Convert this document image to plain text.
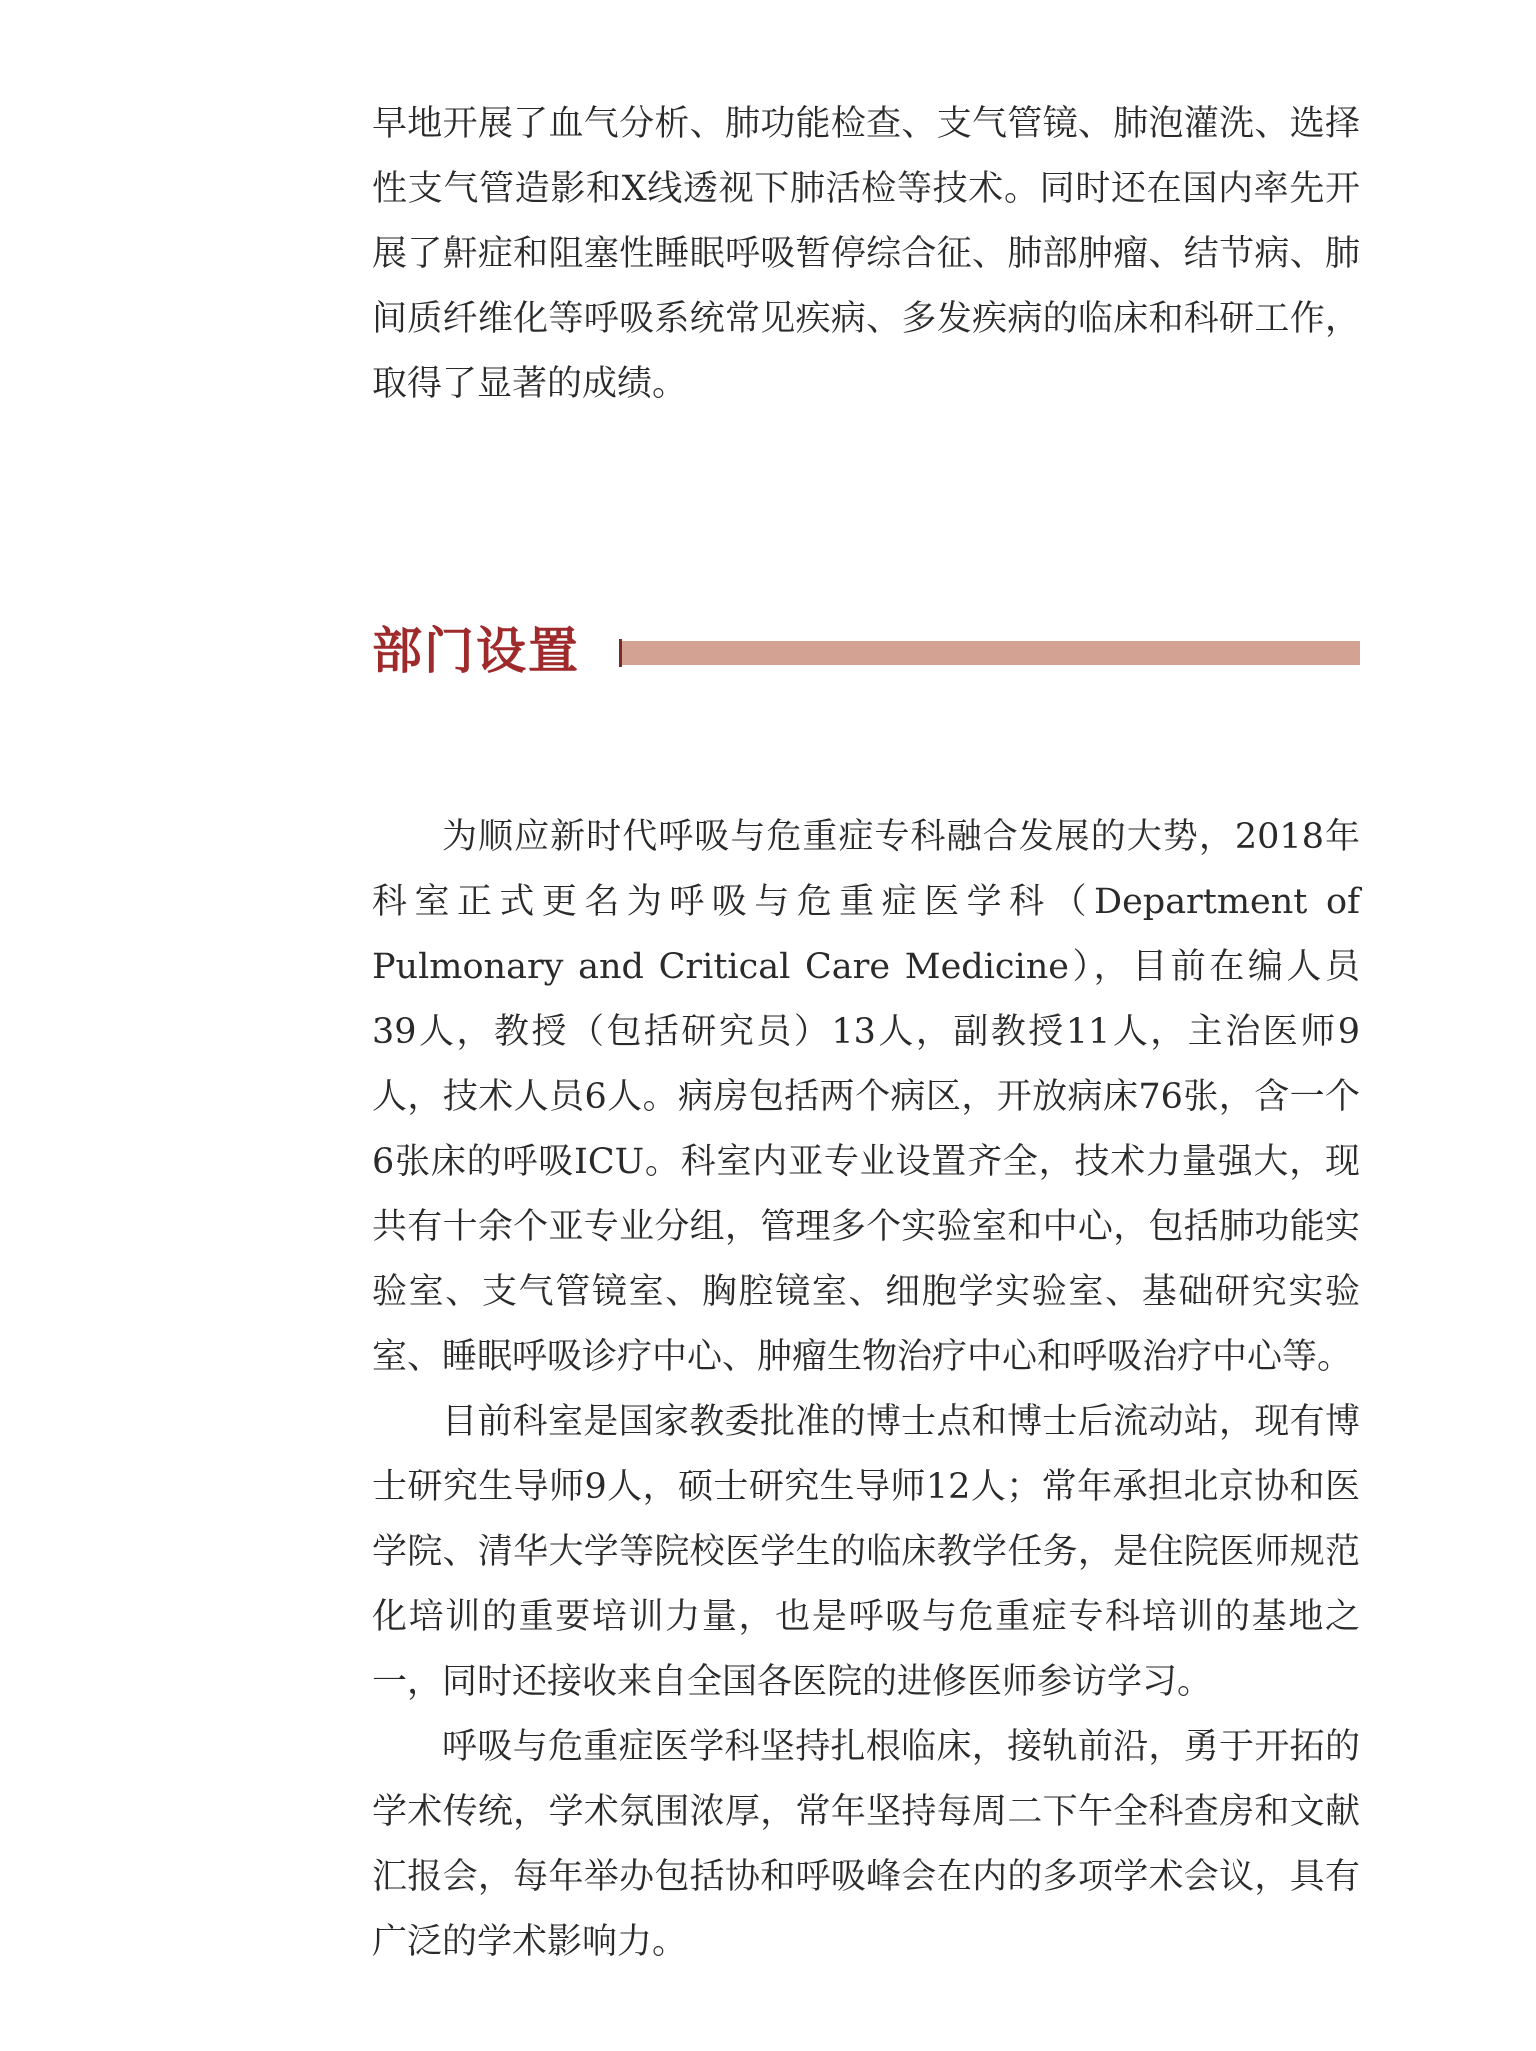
早地开展了血气分析、肺功能检查、支气管镜、肺泡灌洗、选择性支气管造影和X线透视下肺活检等技术。同时还在国内率先开展了鼾症和阻塞性睡眠呼吸暂停综合征、肺部肿瘤、结节病、肺间质纤维化等呼吸系统常见疾病、多发疾病的临床和科研工作，取得了显著的成绩。

部门设置

为顺应新时代呼吸与危重症专科融合发展的大势，2018年科室正式更名为呼吸与危重症医学科（Department of Pulmonary and Critical Care Medicine），目前在编人员39人，教授（包括研究员）13人，副教授11人，主治医师9人，技术人员6人。病房包括两个病区，开放病床76张，含一个6张床的呼吸ICU。科室内亚专业设置齐全，技术力量强大，现共有十余个亚专业分组，管理多个实验室和中心，包括肺功能实验室、支气管镜室、胸腔镜室、细胞学实验室、基础研究实验室、睡眠呼吸诊疗中心、肿瘤生物治疗中心和呼吸治疗中心等。

目前科室是国家教委批准的博士点和博士后流动站，现有博士研究生导师9人，硕士研究生导师12人；常年承担北京协和医学院、清华大学等院校医学生的临床教学任务，是住院医师规范化培训的重要培训力量，也是呼吸与危重症专科培训的基地之一，同时还接收来自全国各医院的进修医师参访学习。

呼吸与危重症医学科坚持扎根临床，接轨前沿，勇于开拓的学术传统，学术氛围浓厚，常年坚持每周二下午全科查房和文献汇报会，每年举办包括协和呼吸峰会在内的多项学术会议，具有广泛的学术影响力。
